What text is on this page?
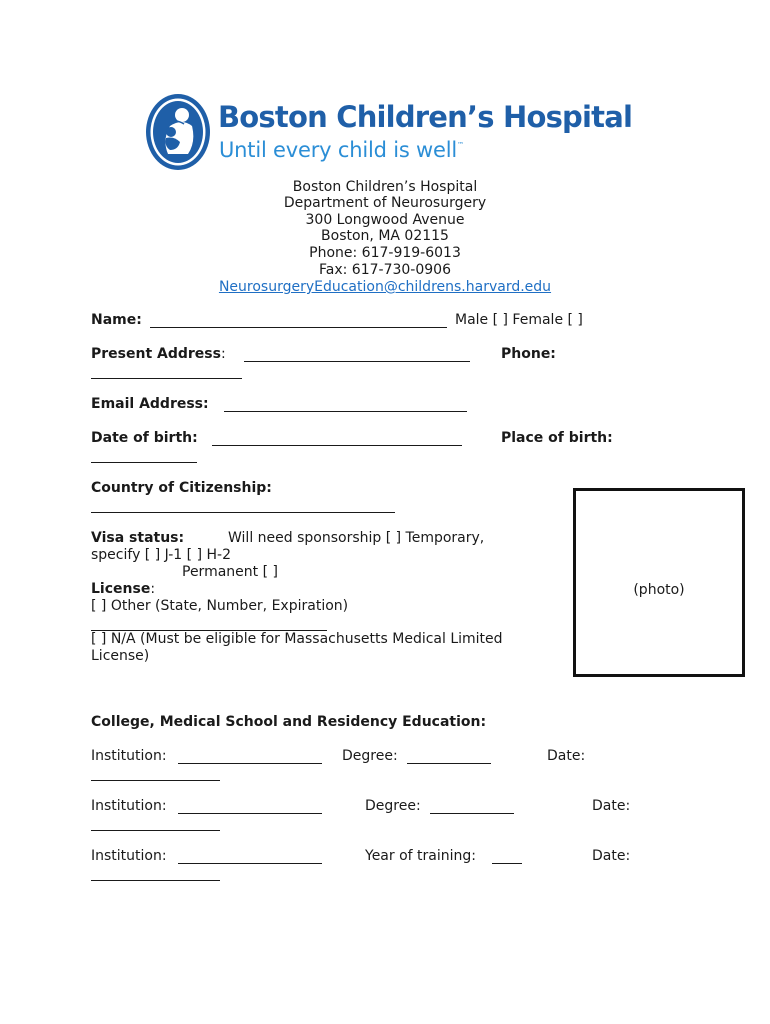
Boston Children’s Hospital
Until every child is well™
Boston Children’s Hospital
Department of Neurosurgery
300 Longwood Avenue
Boston, MA 02115
Phone: 617-919-6013
Fax: 617-730-0906
NeurosurgeryEducation@childrens.harvard.edu
Name:	Male [ ] Female [ ]
Present Address:	Phone:
Email Address:
Date of birth:	Place of birth:
Country of Citizenship:
Visa status:	Will need sponsorship [ ] Temporary,
specify [ ] J-1 [ ] H-2
Permanent [ ]
License:
[ ] Other (State, Number, Expiration)
[ ] N/A (Must be eligible for Massachusetts Medical Limited
License)
(photo)
College, Medical School and Residency Education:
Institution:	Degree:	Date:
Institution:	Degree:	Date:
Institution:	Year of training:	Date:
